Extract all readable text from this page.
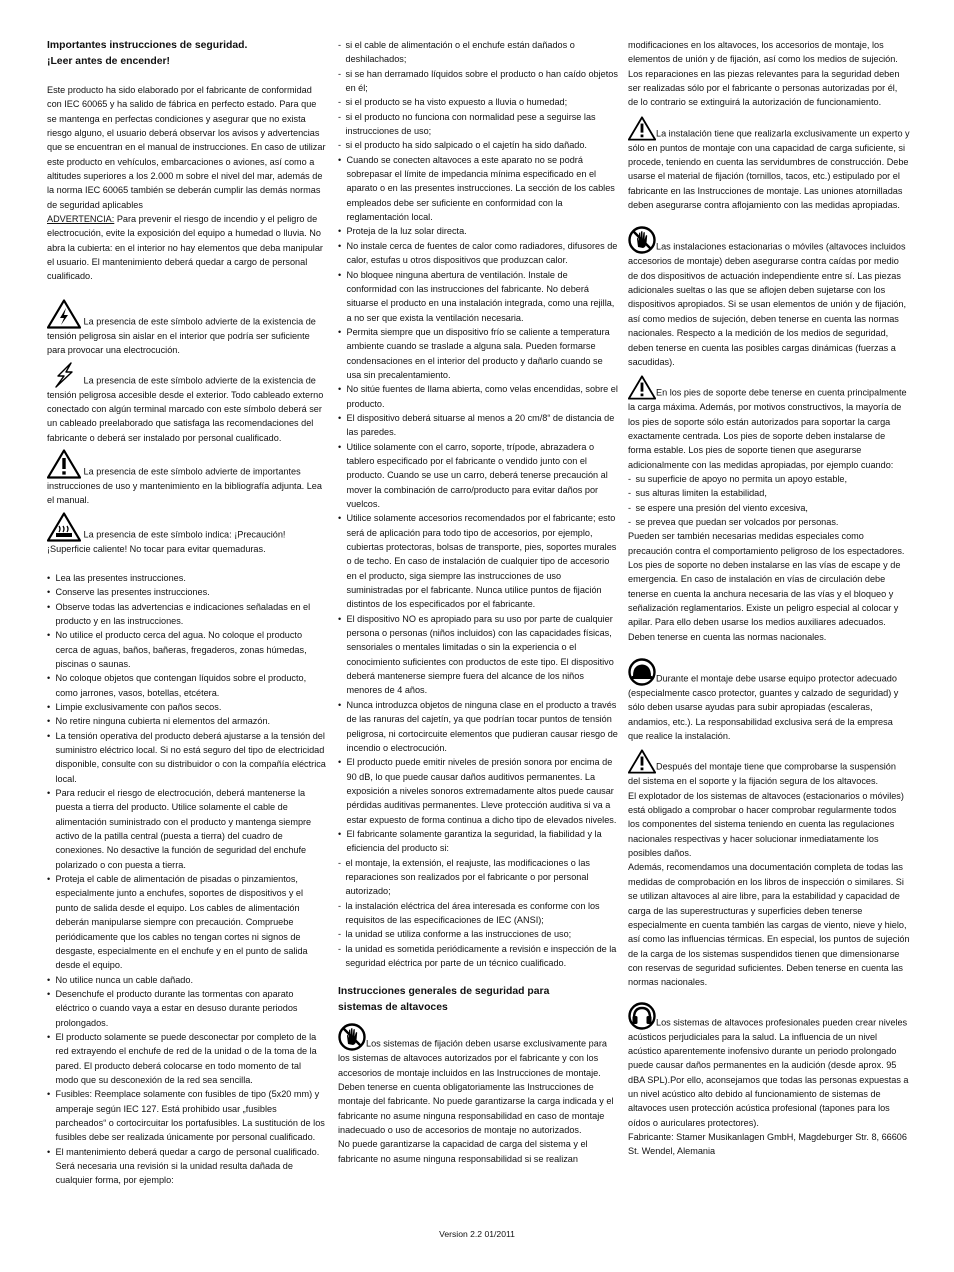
Importantes instrucciones de seguridad.
¡Leer antes de encender!

Este producto ha sido elaborado por el fabricante de conformidad con IEC 60065 y ha salido de fábrica en perfecto estado. Para que se mantenga en perfectas condiciones y asegurar que no exista riesgo alguno, el usuario deberá observar los avisos y advertencias que se encuentran en el manual de instrucciones. En caso de utilizar este producto en vehículos, embarcaciones o aviones, así como a altitudes superiores a los 2.000 m sobre el nivel del mar, además de la norma IEC 60065 también se deberán cumplir las demás normas de seguridad aplicables
ADVERTENCIA: Para prevenir el riesgo de incendio y el peligro de electrocución, evite la exposición del equipo a humedad o lluvia. No abra la cubierta: en el interior no hay elementos que deba manipular el usuario. El mantenimiento deberá quedar a cargo de personal cualificado.

La presencia de este símbolo advierte de la existencia de tensión peligrosa sin aislar en el interior que podría ser suficiente para provocar una electrocución.

La presencia de este símbolo advierte de la existencia de tensión peligrosa accesible desde el exterior. Todo cableado externo conectado con algún terminal marcado con este símbolo deberá ser un cableado preelaborado que satisfaga las recomendaciones del fabricante o deberá ser instalado por personal cualificado.

La presencia de este símbolo advierte de importantes instrucciones de uso y mantenimiento en la bibliografía adjunta. Lea el manual.

La presencia de este símbolo indica: ¡Precaución! ¡Superficie caliente! No tocar para evitar quemaduras.

• Lea las presentes instrucciones.
• Conserve las presentes instrucciones.
• Observe todas las advertencias e indicaciones señaladas en el producto y en las instrucciones.
• No utilice el producto cerca del agua. No coloque el producto cerca de aguas, baños, bañeras, fregaderos, zonas húmedas, piscinas o saunas.
• No coloque objetos que contengan líquidos sobre el producto, como jarrones, vasos, botellas, etcétera.
• Limpie exclusivamente con paños secos.
• No retire ninguna cubierta ni elementos del armazón.
• La tensión operativa del producto deberá ajustarse a la tensión del suministro eléctrico local. Si no está seguro del tipo de electricidad disponible, consulte con su distribuidor o con la compañía eléctrica local.
• Para reducir el riesgo de electrocución, deberá mantenerse la puesta a tierra del producto. Utilice solamente el cable de alimentación suministrado con el producto y mantenga siempre activo de la patilla central (puesta a tierra) del cuadro de conexiones. No desactive la función de seguridad del enchufe polarizado o con puesta a tierra.
• Proteja el cable de alimentación de pisadas o pinzamientos, especialmente junto a enchufes, soportes de dispositivos y el punto de salida desde el equipo. Los cables de alimentación deberán manipularse siempre con precaución. Compruebe periódicamente que los cables no tengan cortes ni signos de desgaste, especialmente en el enchufe y en el punto de salida desde el equipo.
• No utilice nunca un cable dañado.
• Desenchufe el producto durante las tormentas con aparato eléctrico o cuando vaya a estar en desuso durante periodos prolongados.
• El producto solamente se puede desconectar por completo de la red extrayendo el enchufe de red de la unidad o de la toma de la pared. El producto deberá colocarse en todo momento de tal modo que su desconexión de la red sea sencilla.
• Fusibles: Reemplace solamente con fusibles de tipo (5x20 mm) y amperaje según IEC 127. Está prohibido usar „fusibles parcheados“ o cortocircuitar los portafusibles. La sustitución de los fusibles debe ser realizada únicamente por personal cualificado.
• El mantenimiento deberá quedar a cargo de personal cualificado. Será necesaria una revisión si la unidad resulta dañada de cualquier forma, por ejemplo:
- si el cable de alimentación o el enchufe están dañados o deshilachados;
- si se han derramado líquidos sobre el producto o han caído objetos en él;
- si el producto se ha visto expuesto a lluvia o humedad;
- si el producto no funciona con normalidad pese a seguirse las instrucciones de uso;
- si el producto ha sido salpicado o el cajetín ha sido dañado.
• Cuando se conecten altavoces a este aparato no se podrá sobrepasar el límite de impedancia mínima especificado en el aparato o en las presentes instrucciones. La sección de los cables empleados debe ser suficiente en conformidad con la reglamentación local.
• Proteja de la luz solar directa.
• No instale cerca de fuentes de calor como radiadores, difusores de calor, estufas u otros dispositivos que produzcan calor.
• No bloquee ninguna abertura de ventilación. Instale de conformidad con las instrucciones del fabricante. No deberá situarse el producto en una instalación integrada, como una rejilla, a no ser que exista la ventilación necesaria.
• Permita siempre que un dispositivo frío se caliente a temperatura ambiente cuando se traslade a alguna sala. Pueden formarse condensaciones en el interior del producto y dañarlo cuando se usa sin precalentamiento.
• No sitúe fuentes de llama abierta, como velas encendidas, sobre el producto.
• El dispositivo deberá situarse al menos a 20 cm/8“ de distancia de las paredes.
• Utilice solamente con el carro, soporte, trípode, abrazadera o tablero especificado por el fabricante o vendido junto con el producto. Cuando se use un carro, deberá tenerse precaución al mover la combinación de carro/producto para evitar daños por vuelcos.
• Utilice solamente accesorios recomendados por el fabricante; esto será de aplicación para todo tipo de accesorios, por ejemplo, cubiertas protectoras, bolsas de transporte, pies, soportes murales o de techo. En caso de instalación de cualquier tipo de accesorio en el producto, siga siempre las instrucciones de uso suministradas por el fabricante. Nunca utilice puntos de fijación distintos de los especificados por el fabricante.
• El dispositivo NO es apropiado para su uso por parte de cualquier persona o personas (niños incluidos) con las capacidades físicas, sensoriales o mentales limitadas o sin la experiencia o el conocimiento suficientes con productos de este tipo. El dispositivo deberá mantenerse siempre fuera del alcance de los niños menores de 4 años.
• Nunca introduzca objetos de ninguna clase en el producto a través de las ranuras del cajetín, ya que podrían tocar puntos de tensión peligrosa, ni cortocircuite elementos que pudieran causar riesgo de incendio o electrocución.
• El producto puede emitir niveles de presión sonora por encima de 90 dB, lo que puede causar daños auditivos permanentes. La exposición a niveles sonoros extremadamente altos puede causar pérdidas auditivas permanentes. Lleve protección auditiva si va a estar expuesto de forma continua a dicho tipo de elevados niveles.
• El fabricante solamente garantiza la seguridad, la fiabilidad y la eficiencia del producto si:
- el montaje, la extensión, el reajuste, las modificaciones o las reparaciones son realizados por el fabricante o por personal autorizado;
- la instalación eléctrica del área interesada es conforme con los requisitos de las especificaciones de IEC (ANSI);
- la unidad se utiliza conforme a las instrucciones de uso;
- la unidad es sometida periódicamente a revisión e inspección de la seguridad eléctrica por parte de un técnico cualificado.

Instrucciones generales de seguridad para
sistemas de altavoces

Los sistemas de fijación deben usarse exclusivamente para los sistemas de altavoces autorizados por el fabricante y con los accesorios de montaje incluidos en las Instrucciones de montaje. Deben tenerse en cuenta obligatoriamente las Instrucciones de montaje del fabricante. No puede garantizarse la carga indicada y el fabricante no asume ninguna responsabilidad en caso de montaje inadecuado o uso de accesorios de montaje no autorizados.
No puede garantizarse la capacidad de carga del sistema y el fabricante no asume ninguna responsabilidad si se realizan

modificaciones en los altavoces, los accesorios de montaje, los elementos de unión y de fijación, así como los medios de sujeción. Los reparaciones en las piezas relevantes para la seguridad deben ser realizadas sólo por el fabricante o personas autorizadas por él, de lo contrario se extinguirá la autorización de funcionamiento.

La instalación tiene que realizarla exclusivamente un experto y sólo en puntos de montaje con una capacidad de carga suficiente, si procede, teniendo en cuenta las servidumbres de construcción. Debe usarse el material de fijación (tornillos, tacos, etc.) estipulado por el fabricante en las Instrucciones de montaje. Las uniones atornilladas deben asegurarse contra aflojamiento con las medidas apropiadas.

Las instalaciones estacionarias o móviles (altavoces incluidos accesorios de montaje) deben asegurarse contra caídas por medio de dos dispositivos de actuación independiente entre sí. Las piezas adicionales sueltas o las que se aflojen deben sujetarse con los dispositivos apropiados. Si se usan elementos de unión y de fijación, así como medios de sujeción, deben tenerse en cuenta las normas nacionales. Respecto a la medición de los medios de seguridad, deben tenerse en cuenta las posibles cargas dinámicas (fuerzas a sacudidas).

En los pies de soporte debe tenerse en cuenta principalmente la carga máxima. Además, por motivos constructivos, la mayoría de los pies de soporte sólo están autorizados para soportar la carga exactamente centrada. Los pies de soporte deben instalarse de forma estable. Los pies de soporte tienen que asegurarse adicionalmente con las medidas apropiadas, por ejemplo cuando:

- su superficie de apoyo no permita un apoyo estable,
- sus alturas limiten la estabilidad,
- se espere una presión del viento excesiva,
- se prevea que puedan ser volcados por personas.

Pueden ser también necesarias medidas especiales como precaución contra el comportamiento peligroso de los espectadores. Los pies de soporte no deben instalarse en las vías de escape y de emergencia. En caso de instalación en vías de circulación debe tenerse en cuenta la anchura necesaria de las vías y el bloqueo y señalización reglamentarios. Existe un peligro especial al colocar y apilar. Para ello deben usarse los medios auxiliares adecuados. Deben tenerse en cuenta las normas nacionales.

Durante el montaje debe usarse equipo protector adecuado (especialmente casco protector, guantes y calzado de seguridad) y sólo deben usarse ayudas para subir apropiadas (escaleras, andamios, etc.). La responsabilidad exclusiva será de la empresa que realice la instalación.

Después del montaje tiene que comprobarse la suspensión del sistema en el soporte y la fijación segura de los altavoces.
El explotador de los sistemas de altavoces (estacionarios o móviles) está obligado a comprobar o hacer comprobar regularmente todos los componentes del sistema teniendo en cuenta las regulaciones nacionales respectivas y hacer solucionar inmediatamente los posibles daños.
Además, recomendamos una documentación completa de todas las medidas de comprobación en los libros de inspección o similares. Si se utilizan altavoces al aire libre, para la estabilidad y capacidad de carga de las superestructuras y superficies deben tenerse especialmente en cuenta también las cargas de viento, nieve y hielo, así como las influencias térmicas. En especial, los puntos de sujeción de la carga de los sistemas suspendidos tienen que dimensionarse con reservas de seguridad suficientes. Deben tenerse en cuenta las normas nacionales.

Los sistemas de altavoces profesionales pueden crear niveles acústicos perjudiciales para la salud. La influencia de un nivel acústico aparentemente inofensivo durante un periodo prolongado puede causar daños permanentes en la audición (desde aprox. 95 dBA SPL).Por ello, aconsejamos que todas las personas expuestas a un nivel acústico alto debido al funcionamiento de sistemas de altavoces usen protección acústica profesional (tapones para los oídos o auriculares protectores).
Fabricante: Stamer Musikanlagen GmbH, Magdeburger Str. 8, 66606 St. Wendel, Alemania

Version 2.2 01/2011
